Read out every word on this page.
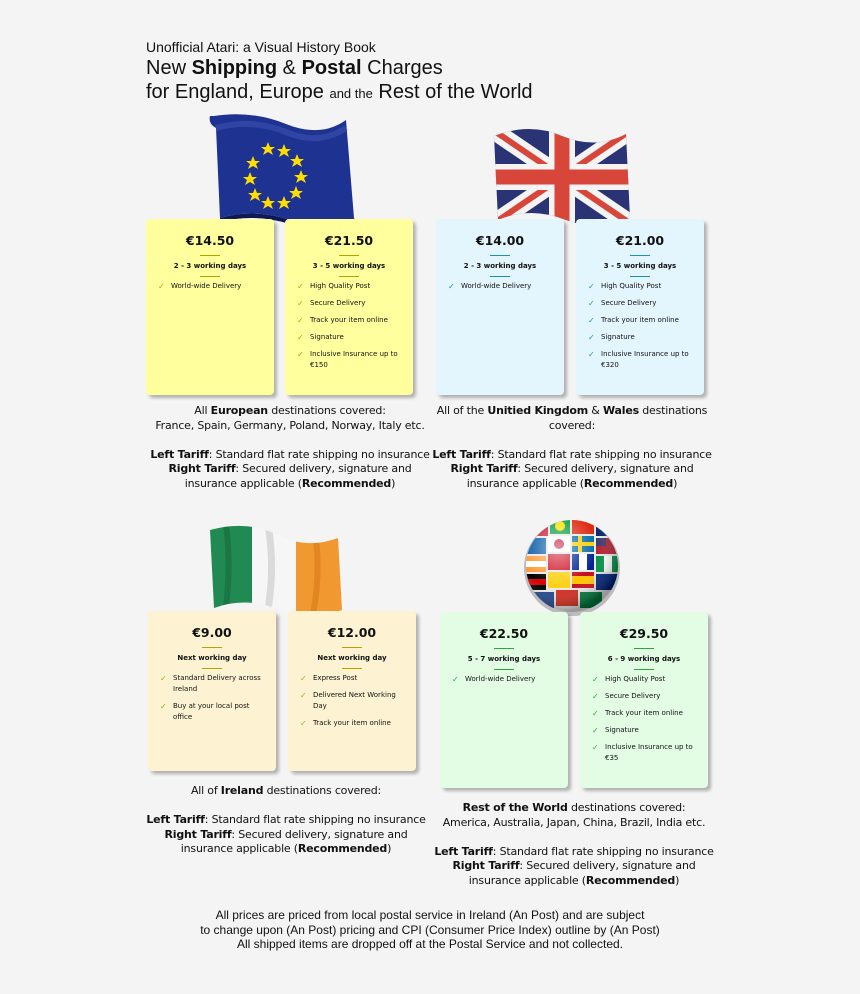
Unofficial Atari: a Visual History Book
New Shipping & Postal Charges
for England, Europe and the Rest of the World
€14.50
2 - 3 working days
✓ World-wide Delivery
€21.50
3 - 5 working days
✓ High Quality Post
✓ Secure Delivery
✓ Track your item online
✓ Signature
✓ Inclusive Insurance up to €150
€14.00
2 - 3 working days
✓ World-wide Delivery
€21.00
3 - 5 working days
✓ High Quality Post
✓ Secure Delivery
✓ Track your item online
✓ Signature
✓ Inclusive Insurance up to €320
All European destinations covered:
France, Spain, Germany, Poland, Norway, Italy etc.
Left Tariff: Standard flat rate shipping no insurance
Right Tariff: Secured delivery, signature and
insurance applicable (Recommended)
All of the Unitied Kingdom & Wales destinations
covered:
Left Tariff: Standard flat rate shipping no insurance
Right Tariff: Secured delivery, signature and
insurance applicable (Recommended)
€9.00
Next working day
✓ Standard Delivery across Ireland
✓ Buy at your local post office
€12.00
Next working day
✓ Express Post
✓ Delivered Next Working Day
✓ Track your item online
€22.50
5 - 7 working days
✓ World-wide Delivery
€29.50
6 - 9 working days
✓ High Quality Post
✓ Secure Delivery
✓ Track your item online
✓ Signature
✓ Inclusive Insurance up to €35
All of Ireland destinations covered:
Left Tariff: Standard flat rate shipping no insurance
Right Tariff: Secured delivery, signature and
insurance applicable (Recommended)
Rest of the World destinations covered:
America, Australia, Japan, China, Brazil, India etc.
Left Tariff: Standard flat rate shipping no insurance
Right Tariff: Secured delivery, signature and
insurance applicable (Recommended)
All prices are priced from local postal service in Ireland (An Post) and are subject
to change upon (An Post) pricing and CPI (Consumer Price Index) outline by (An Post)
All shipped items are dropped off at the Postal Service and not collected.
